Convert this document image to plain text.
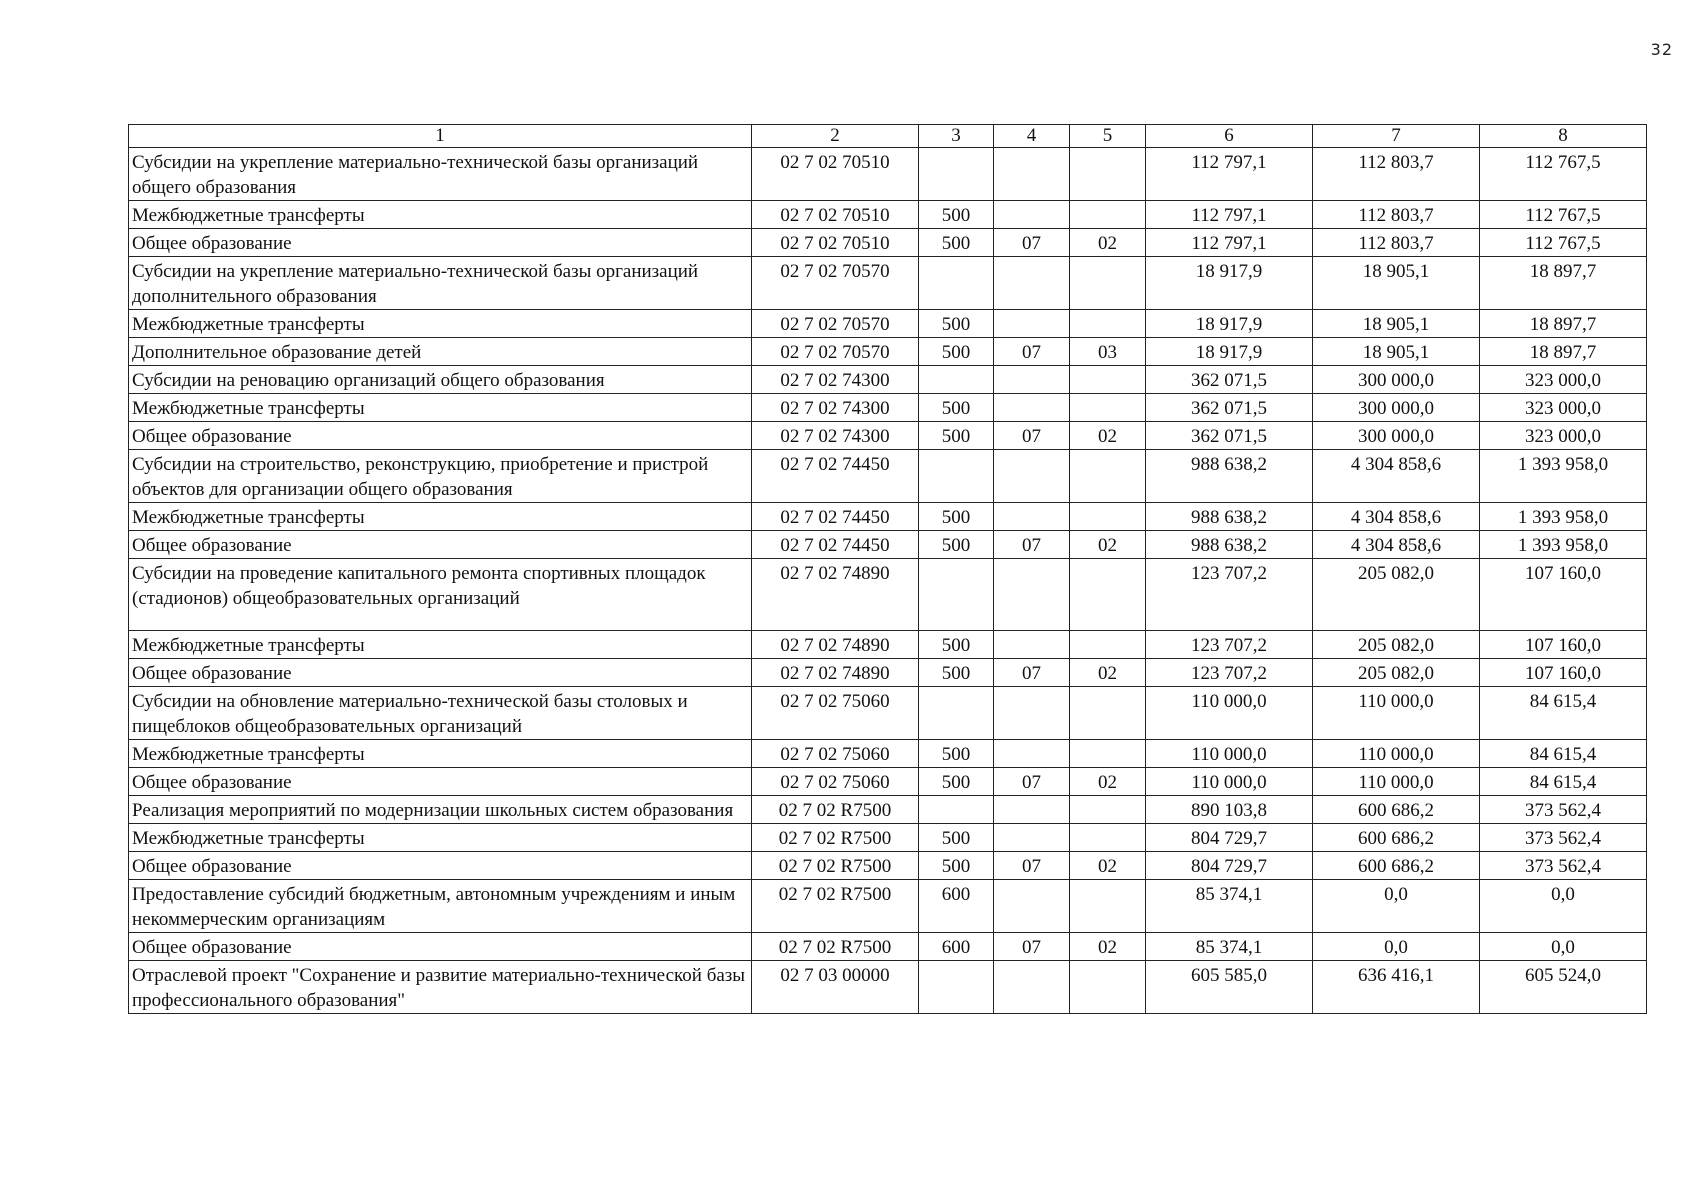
32
1	2	3	4	5	6	7	8
Субсидии на укрепление материально-технической базы организаций общего образования	02 7 02 70510				112 797,1	112 803,7	112 767,5
Межбюджетные трансферты	02 7 02 70510	500			112 797,1	112 803,7	112 767,5
Общее образование	02 7 02 70510	500	07	02	112 797,1	112 803,7	112 767,5
Субсидии на укрепление материально-технической базы организаций дополнительного образования	02 7 02 70570				18 917,9	18 905,1	18 897,7
Межбюджетные трансферты	02 7 02 70570	500			18 917,9	18 905,1	18 897,7
Дополнительное образование детей	02 7 02 70570	500	07	03	18 917,9	18 905,1	18 897,7
Субсидии на реновацию организаций общего образования	02 7 02 74300				362 071,5	300 000,0	323 000,0
Межбюджетные трансферты	02 7 02 74300	500			362 071,5	300 000,0	323 000,0
Общее образование	02 7 02 74300	500	07	02	362 071,5	300 000,0	323 000,0
Субсидии на строительство, реконструкцию, приобретение и пристрой объектов для организации общего образования	02 7 02 74450				988 638,2	4 304 858,6	1 393 958,0
Межбюджетные трансферты	02 7 02 74450	500			988 638,2	4 304 858,6	1 393 958,0
Общее образование	02 7 02 74450	500	07	02	988 638,2	4 304 858,6	1 393 958,0
Субсидии на проведение капитального ремонта спортивных площадок (стадионов) общеобразовательных организаций	02 7 02 74890				123 707,2	205 082,0	107 160,0
Межбюджетные трансферты	02 7 02 74890	500			123 707,2	205 082,0	107 160,0
Общее образование	02 7 02 74890	500	07	02	123 707,2	205 082,0	107 160,0
Субсидии на обновление материально-технической базы столовых и пищеблоков общеобразовательных организаций	02 7 02 75060				110 000,0	110 000,0	84 615,4
Межбюджетные трансферты	02 7 02 75060	500			110 000,0	110 000,0	84 615,4
Общее образование	02 7 02 75060	500	07	02	110 000,0	110 000,0	84 615,4
Реализация мероприятий по модернизации школьных систем образования	02 7 02 R7500				890 103,8	600 686,2	373 562,4
Межбюджетные трансферты	02 7 02 R7500	500			804 729,7	600 686,2	373 562,4
Общее образование	02 7 02 R7500	500	07	02	804 729,7	600 686,2	373 562,4
Предоставление субсидий бюджетным, автономным учреждениям и иным некоммерческим организациям	02 7 02 R7500	600			85 374,1	0,0	0,0
Общее образование	02 7 02 R7500	600	07	02	85 374,1	0,0	0,0
Отраслевой проект "Сохранение и развитие материально-технической базы профессионального образования"	02 7 03 00000				605 585,0	636 416,1	605 524,0
